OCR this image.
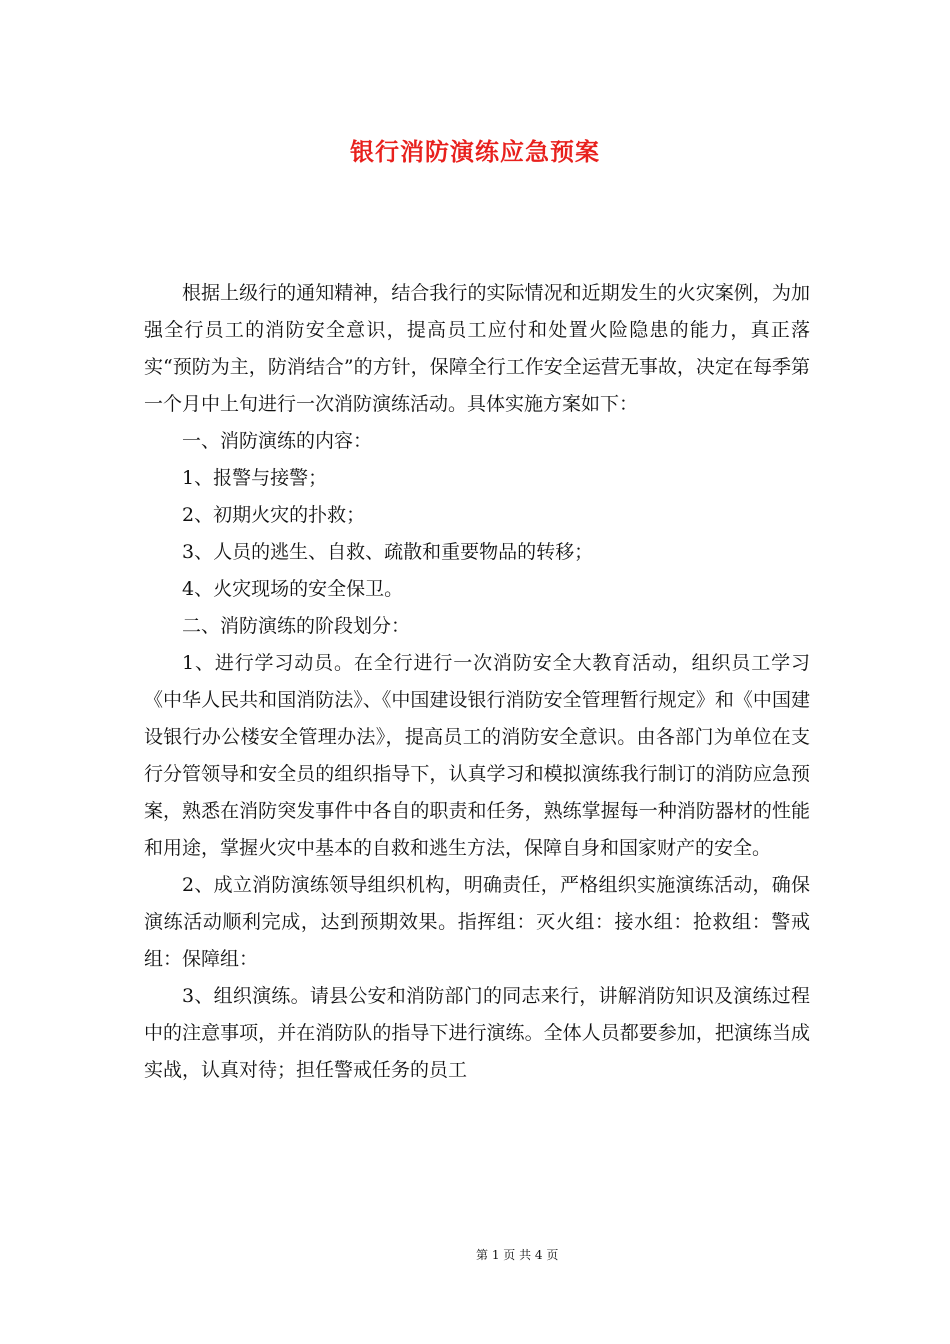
银行消防演练应急预案

根据上级行的通知精神，结合我行的实际情况和近期发生的火灾案例，为加强全行员工的消防安全意识，提高员工应付和处置火险隐患的能力，真正落实“预防为主，防消结合”的方针，保障全行工作安全运营无事故，决定在每季第一个月中上旬进行一次消防演练活动。具体实施方案如下：

一、消防演练的内容：

1、报警与接警；

2、初期火灾的扑救；

3、人员的逃生、自救、疏散和重要物品的转移；

4、火灾现场的安全保卫。

二、消防演练的阶段划分：

1、进行学习动员。在全行进行一次消防安全大教育活动，组织员工学习《中华人民共和国消防法》、《中国建设银行消防安全管理暂行规定》和《中国建设银行办公楼安全管理办法》，提高员工的消防安全意识。由各部门为单位在支行分管领导和安全员的组织指导下，认真学习和模拟演练我行制订的消防应急预案，熟悉在消防突发事件中各自的职责和任务，熟练掌握每一种消防器材的性能和用途，掌握火灾中基本的自救和逃生方法，保障自身和国家财产的安全。

2、成立消防演练领导组织机构，明确责任，严格组织实施演练活动，确保演练活动顺利完成，达到预期效果。指挥组：灭火组：接水组：抢救组：警戒组：保障组：

3、组织演练。请县公安和消防部门的同志来行，讲解消防知识及演练过程中的注意事项，并在消防队的指导下进行演练。全体人员都要参加，把演练当成实战，认真对待；担任警戒任务的员工

第 1 页 共 4 页
